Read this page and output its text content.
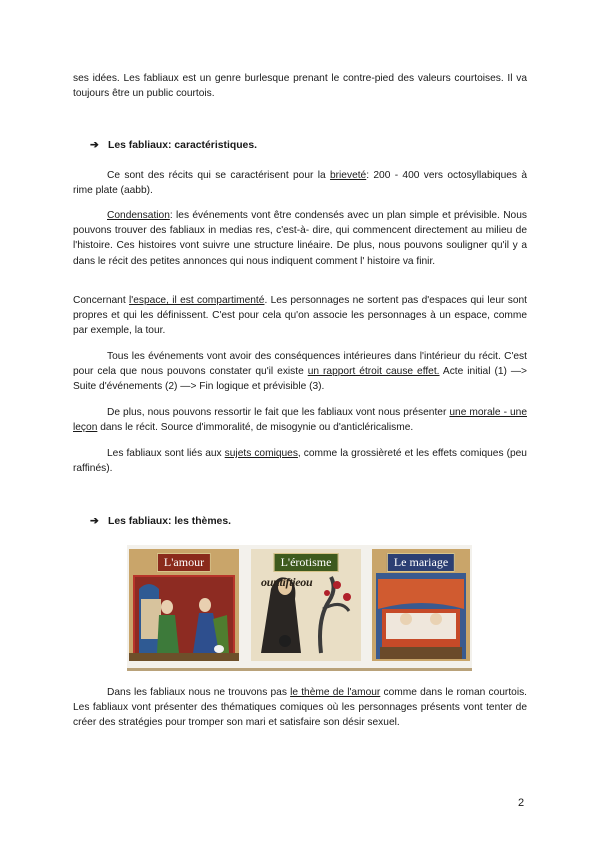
ses idées. Les fabliaux est un genre burlesque prenant le contre-pied des valeurs courtoises. Il va toujours être un public courtois.

➔ Les fabliaux: caractéristiques.

Ce sont des récits qui se caractérisent pour la brieveté: 200 - 400 vers octosyllabiques à rime plate (aabb).

Condensation: les événements vont être condensés avec un plan simple et prévisible. Nous pouvons trouver des fabliaux in medias res, c'est-à- dire, qui commencent directement au milieu de l'histoire. Ces histoires vont suivre une structure linéaire. De plus, nous pouvons souligner qu'il y a dans le récit des petites annonces qui nous indiquent comment l' histoire va finir.

Concernant l'espace, il est compartimenté. Les personnages ne sortent pas d'espaces qui leur sont propres et qui les définissent. C'est pour cela qu'on associe les personnages à un espace, comme par exemple, la tour.

Tous les événements vont avoir des conséquences intérieures dans l'intérieur du récit. C'est pour cela que nous pouvons constater qu'il existe un rapport étroit cause effet. Acte initial (1) —> Suite d'événements (2) —> Fin logique et prévisible (3).

De plus, nous pouvons ressortir le fait que les fabliaux vont nous présenter une morale - une leçon dans le récit. Source d'immoralité, de misogynie ou d'anticléricalisme.

Les fabliaux sont liés aux sujets comiques, comme la grossièreté et les effets comiques (peu raffinés).

➔ Les fabliaux: les thèmes.
L'amour	L'érotisme
ountiftieou
Le mariage

Dans les fabliaux nous ne trouvons pas le thème de l'amour comme dans le roman courtois. Les fabliaux vont présenter des thématiques comiques où les personnages présents vont tenter de créer des stratégies pour tromper son mari et satisfaire son désir sexuel.

2
